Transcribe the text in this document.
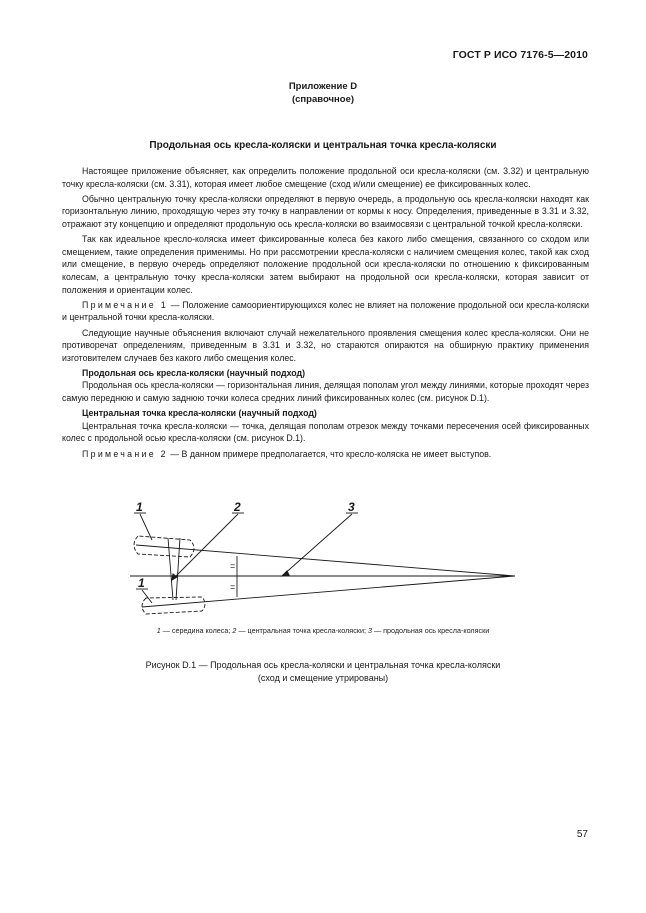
ГОСТ Р ИСО 7176-5—2010
Приложение D
(справочное)
Продольная ось кресла-коляски и центральная точка кресла-коляски

Настоящее приложение объясняет, как определить положение продольной оси кресла-коляски (см. 3.32) и центральную точку кресла-коляски (см. 3.31), которая имеет любое смещение (сход и/или смещение) ее фиксированных колес.

Обычно центральную точку кресла-коляски определяют в первую очередь, а продольную ось кресла-коляски находят как горизонтальную линию, проходящую через эту точку в направлении от кормы к носу. Определения, приведенные в 3.31 и 3.32, отражают эту концепцию и определяют продольную ось кресла-коляски во взаимосвязи с центральной точкой кресла-коляски.

Так как идеальное кресло-коляска имеет фиксированные колеса без какого либо смещения, связанного со сходом или смещением, такие определения применимы. Но при рассмотрении кресла-коляски с наличием смещения колес, такой как сход или смещение, в первую очередь определяют положение продольной оси кресла-коляски по отношению к фиксированным колесам, а центральную точку кресла-коляски затем выбирают на продольной оси кресла-коляски, которая зависит от положения и ориентации колес.

Примечание 1 — Положение самоориентирующихся колес не влияет на положение продольной оси кресла-коляски и центральной точки кресла-коляски.

Следующие научные объяснения включают случай нежелательного проявления смещения колес кресла-коляски. Они не противоречат определениям, приведенным в 3.31 и 3.32, но стараются опираются на обширную практику применения изготовителем случаев без какого либо смещения колес.

Продольная ось кресла-коляски (научный подход)

Продольная ось кресла-коляски — горизонтальная линия, делящая пополам угол между линиями, которые проходят через самую переднюю и самую заднюю точки колеса средних линий фиксированных колес (см. рисунок D.1).

Центральная точка кресла-коляски (научный подход)

Центральная точка кресла-коляски — точка, делящая пополам отрезок между точками пересечения осей фиксированных колес с продольной осью кресла-коляски (см. рисунок D.1).

Примечание 2 — В данном примере предполагается, что кресло-коляска не имеет выступов.

1	2	3
1
=
=
1 — середина колеса; 2 — центральная точка кресла-коляски; 3 — продольная ось кресла-коляски
Рисунок D.1 — Продольная ось кресла-коляски и центральная точка кресла-коляски
(сход и смещение утрированы)
57
